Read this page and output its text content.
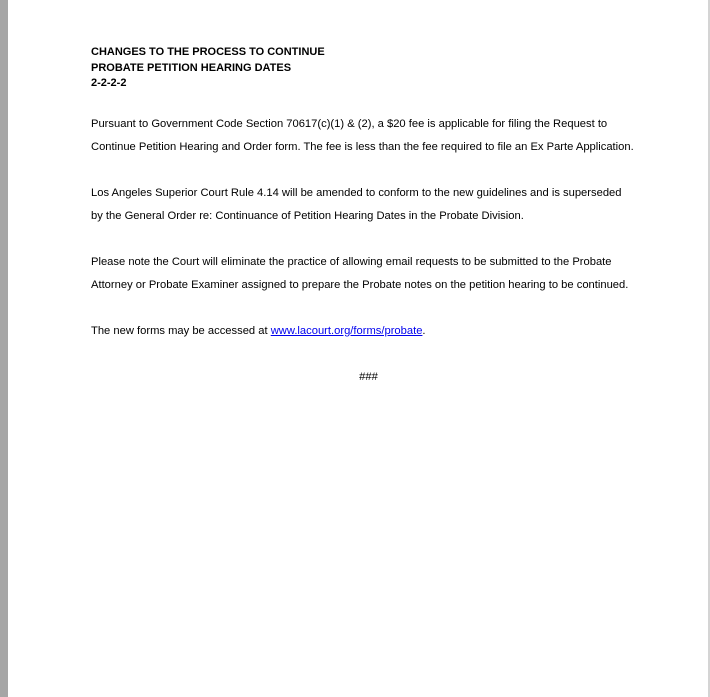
CHANGES TO THE PROCESS TO CONTINUE
PROBATE PETITION HEARING DATES
2-2-2-2

Pursuant to Government Code Section 70617(c)(1) & (2), a $20 fee is applicable for filing the Request to Continue Petition Hearing and Order form. The fee is less than the fee required to file an Ex Parte Application.

Los Angeles Superior Court Rule 4.14 will be amended to conform to the new guidelines and is superseded by the General Order re: Continuance of Petition Hearing Dates in the Probate Division.

Please note the Court will eliminate the practice of allowing email requests to be submitted to the Probate Attorney or Probate Examiner assigned to prepare the Probate notes on the petition hearing to be continued.

The new forms may be accessed at www.lacourt.org/forms/probate.

###
